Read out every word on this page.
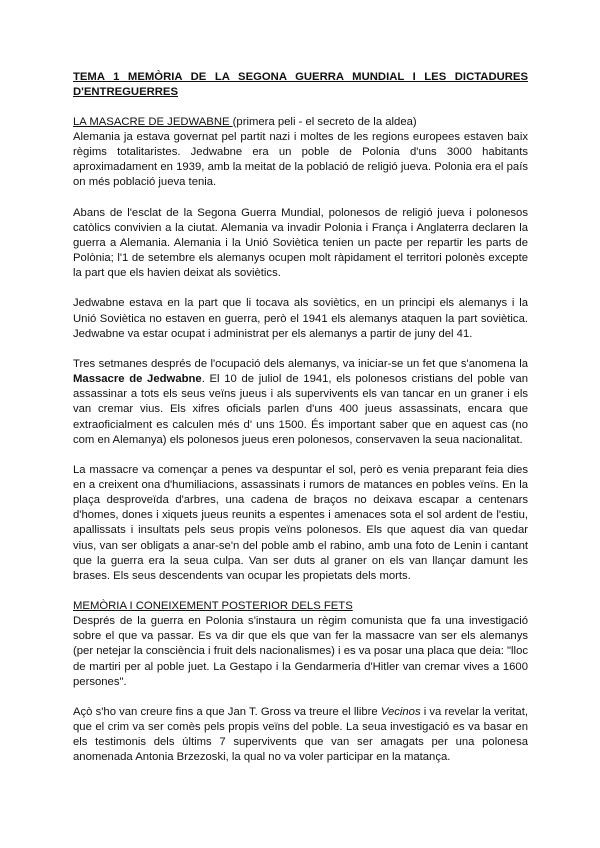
TEMA 1 MEMÒRIA DE LA SEGONA GUERRA MUNDIAL I LES DICTADURES D'ENTREGUERRES
LA MASACRE DE JEDWABNE (primera peli - el secreto de la aldea)

Alemania ja estava governat pel partit nazi i moltes de les regions europees estaven baix règims totalitaristes. Jedwabne era un poble de Polonia d'uns 3000 habitants aproximadament en 1939, amb la meitat de la població de religió jueva. Polonia era el país on més població jueva tenia.

Abans de l'esclat de la Segona Guerra Mundial, polonesos de religió jueva i polonesos catòlics convivien a la ciutat. Alemania va invadir Polonia i França i Anglaterra declaren la guerra a Alemania. Alemania i la Unió Soviètica tenien un pacte per repartir les parts de Polònia; l'1 de setembre els alemanys ocupen molt ràpidament el territori polonès excepte la part que els havien deixat als soviètics.

Jedwabne estava en la part que li tocava als soviètics, en un principi els alemanys i la Unió Soviètica no estaven en guerra, però el 1941 els alemanys ataquen la part soviètica. Jedwabne va estar ocupat i administrat per els alemanys a partir de juny del 41.

Tres setmanes després de l'ocupació dels alemanys, va iniciar-se un fet que s'anomena la Massacre de Jedwabne. El 10 de juliol de 1941, els polonesos cristians del poble van assassinar a tots els seus veïns jueus i als supervivents els van tancar en un graner i els van cremar vius. Els xifres oficials parlen d'uns 400 jueus assassinats, encara que extraoficialment es calculen més d' uns 1500. És important saber que en aquest cas (no com en Alemanya) els polonesos jueus eren polonesos, conservaven la seua nacionalitat.

La massacre va començar a penes va despuntar el sol, però es venia preparant feia dies en a creixent ona d'humiliacions, assassinats i rumors de matances en pobles veïns. En la plaça desproveïda d'arbres, una cadena de braços no deixava escapar a centenars d'homes, dones i xiquets jueus reunits a espentes i amenaces sota el sol ardent de l'estiu, apallissats i insultats pels seus propis veïns polonesos. Els que aquest dia van quedar vius, van ser obligats a anar-se'n del poble amb el rabino, amb una foto de Lenin i cantant que la guerra era la seua culpa. Van ser duts al graner on els van llançar damunt les brases. Els seus descendents van ocupar les propietats dels morts.

MEMÒRIA I CONEIXEMENT POSTERIOR DELS FETS

Després de la guerra en Polonia s'instaura un règim comunista que fa una investigació sobre el que va passar. Es va dir que els que van fer la massacre van ser els alemanys (per netejar la consciència i fruit dels nacionalismes) i es va posar una placa que deia: "lloc de martiri per al poble juet. La Gestapo i la Gendarmeria d'Hitler van cremar vives a 1600 persones".

Açò s'ho van creure fins a que Jan T. Gross va treure el llibre Vecinos i va revelar la veritat, que el crim va ser comès pels propis veïns del poble. La seua investigació es va basar en els testimonis dels últims 7 supervivents que van ser amagats per una polonesa anomenada Antonia Brzezoski, la qual no va voler participar en la matança.
